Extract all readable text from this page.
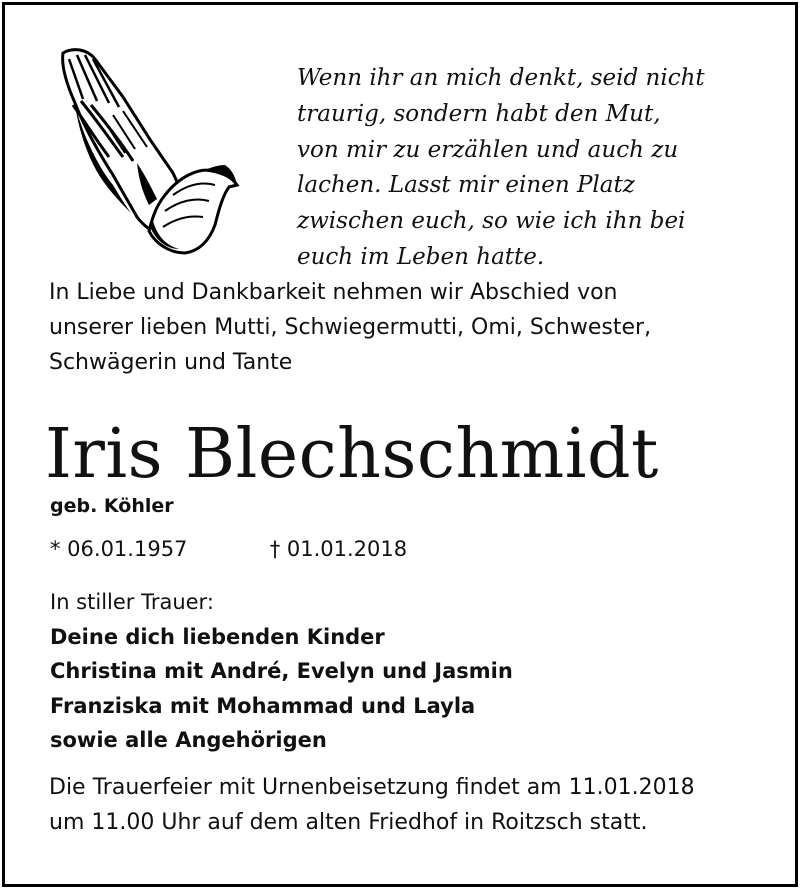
Wenn ihr an mich denkt, seid nicht
traurig, sondern habt den Mut,
von mir zu erzählen und auch zu
lachen. Lasst mir einen Platz
zwischen euch, so wie ich ihn bei
euch im Leben hatte.
In Liebe und Dankbarkeit nehmen wir Abschied von
unserer lieben Mutti, Schwiegermutti, Omi, Schwester,
Schwägerin und Tante
Iris Blechschmidt
geb. Köhler
* 06.01.1957	† 01.01.2018
In stiller Trauer:
Deine dich liebenden Kinder
Christina mit André, Evelyn und Jasmin
Franziska mit Mohammad und Layla
sowie alle Angehörigen
Die Trauerfeier mit Urnenbeisetzung findet am 11.01.2018
um 11.00 Uhr auf dem alten Friedhof in Roitzsch statt.
